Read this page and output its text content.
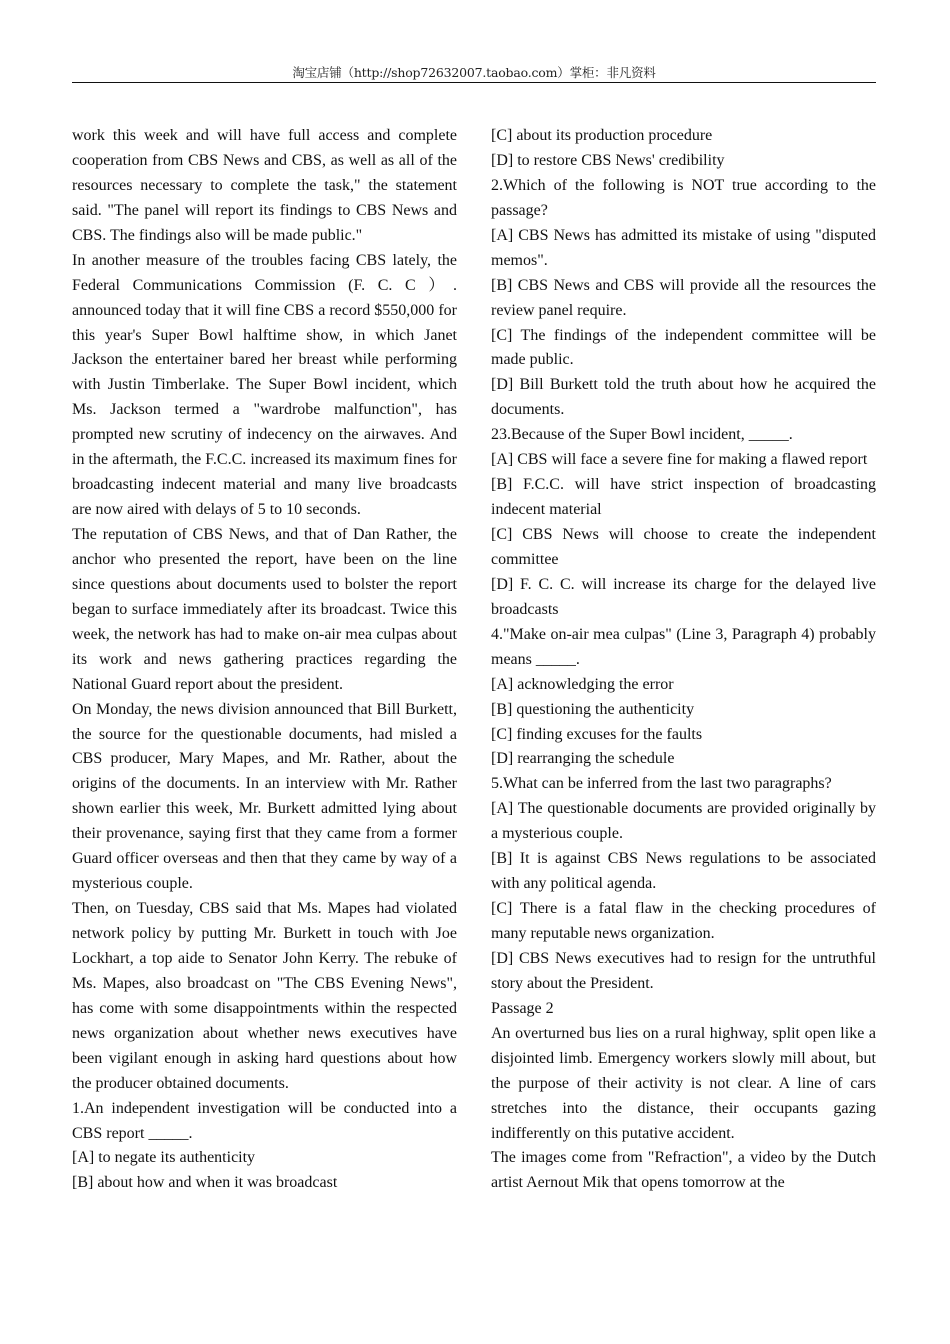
淘宝店铺（http://shop72632007.taobao.com）掌柜：非凡资料

work this week and will have full access and complete cooperation from CBS News and CBS, as well as all of the resources necessary to complete the task," the statement said. "The panel will report its findings to CBS News and CBS. The findings also will be made public."

In another measure of the troubles facing CBS lately, the Federal Communications Commission (F. C. C ）. announced today that it will fine CBS a record $550,000 for this year's Super Bowl halftime show, in which Janet Jackson the entertainer bared her breast while performing with Justin Timberlake. The Super Bowl incident, which Ms. Jackson termed a "wardrobe malfunction", has prompted new scrutiny of indecency on the airwaves. And in the aftermath, the F.C.C. increased its maximum fines for broadcasting indecent material and many live broadcasts are now aired with delays of 5 to 10 seconds.

The reputation of CBS News, and that of Dan Rather, the anchor who presented the report, have been on the line since questions about documents used to bolster the report began to surface immediately after its broadcast. Twice this week, the network has had to make on-air mea culpas about its work and news gathering practices regarding the National Guard report about the president.

On Monday, the news division announced that Bill Burkett, the source for the questionable documents, had misled a CBS producer, Mary Mapes, and Mr. Rather, about the origins of the documents. In an interview with Mr. Rather shown earlier this week, Mr. Burkett admitted lying about their provenance, saying first that they came from a former Guard officer overseas and then that they came by way of a mysterious couple.

Then, on Tuesday, CBS said that Ms. Mapes had violated network policy by putting Mr. Burkett in touch with Joe Lockhart, a top aide to Senator John Kerry. The rebuke of Ms. Mapes, also broadcast on "The CBS Evening News", has come with some disappointments within the respected news organization about whether news executives have been vigilant enough in asking hard questions about how the producer obtained documents.

1.An independent investigation will be conducted into a CBS report _____.

[A] to negate its authenticity

[B] about how and when it was broadcast

[C] about its production procedure

[D] to restore CBS News' credibility

2.Which of the following is NOT true according to the passage?

[A] CBS News has admitted its mistake of using "disputed memos".

[B] CBS News and CBS will provide all the resources the review panel require.

[C] The findings of the independent committee will be made public.

[D] Bill Burkett told the truth about how he acquired the documents.

23.Because of the Super Bowl incident, _____.

[A] CBS will face a severe fine for making a flawed report

[B] F.C.C. will have strict inspection of broadcasting indecent material

[C] CBS News will choose to create the independent committee

[D] F. C. C. will increase its charge for the delayed live broadcasts

4."Make on-air mea culpas" (Line 3, Paragraph 4) probably means _____.

[A] acknowledging the error

[B] questioning the authenticity

[C] finding excuses for the faults

[D] rearranging the schedule

5.What can be inferred from the last two paragraphs?

[A] The questionable documents are provided originally by a mysterious couple.

[B] It is against CBS News regulations to be associated with any political agenda.

[C] There is a fatal flaw in the checking procedures of many reputable news organization.

[D] CBS News executives had to resign for the untruthful story about the President.

Passage 2

An overturned bus lies on a rural highway, split open like a disjointed limb. Emergency workers slowly mill about, but the purpose of their activity is not clear. A line of cars stretches into the distance, their occupants gazing indifferently on this putative accident.

The images come from "Refraction", a video by the Dutch artist Aernout Mik that opens tomorrow at the
